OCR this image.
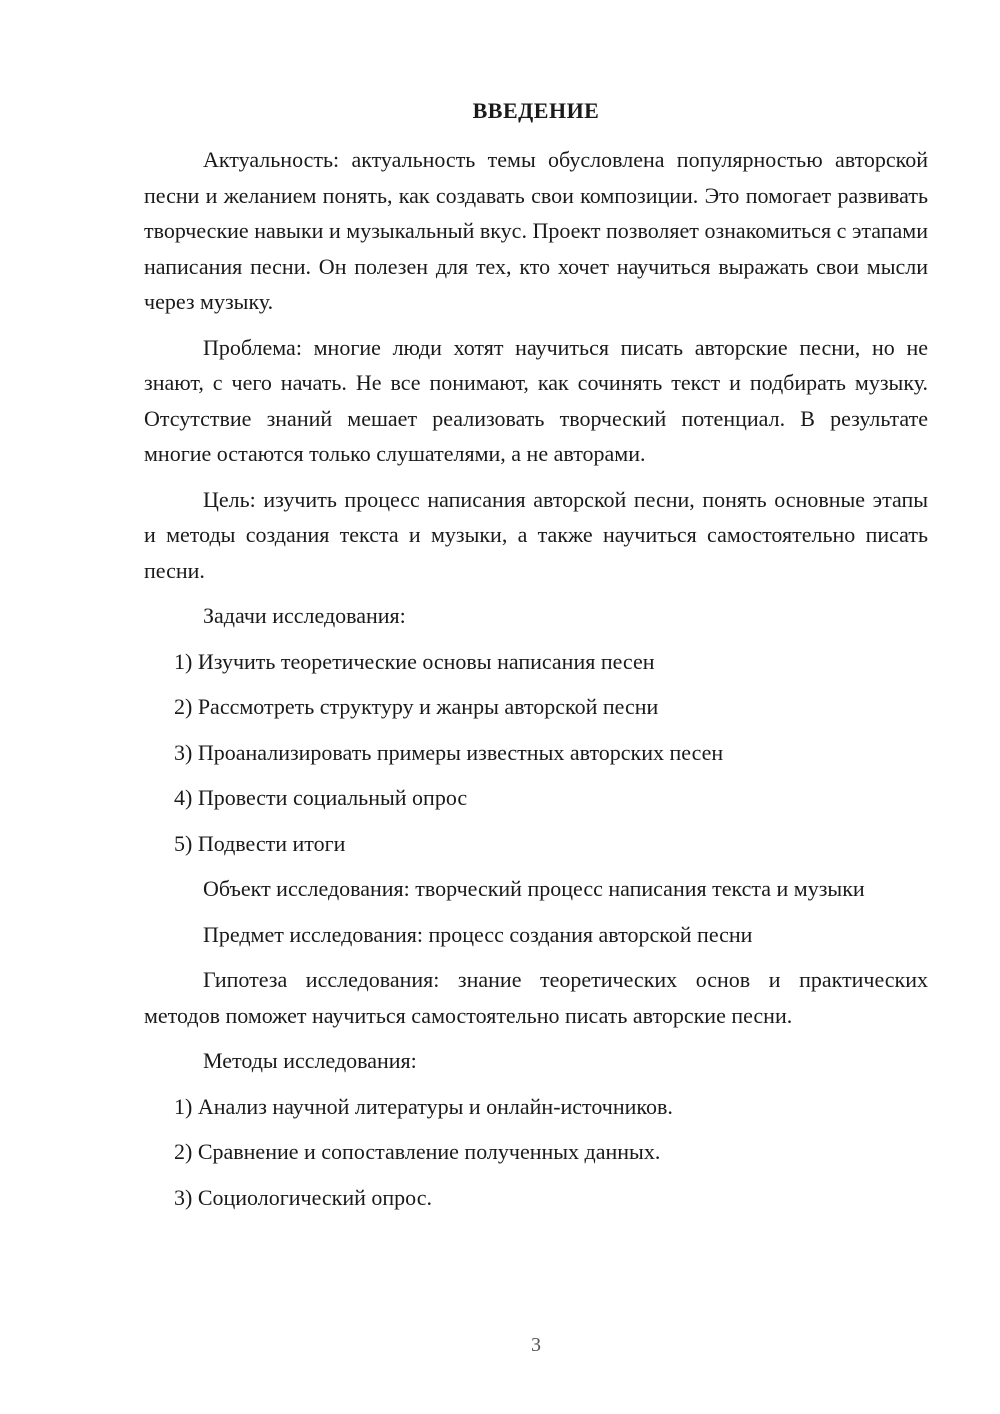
ВВЕДЕНИЕ

Актуальность: актуальность темы обусловлена популярностью авторской песни и желанием понять, как создавать свои композиции. Это помогает развивать творческие навыки и музыкальный вкус. Проект позволяет ознакомиться с этапами написания песни. Он полезен для тех, кто хочет научиться выражать свои мысли через музыку.

Проблема: многие люди хотят научиться писать авторские песни, но не знают, с чего начать. Не все понимают, как сочинять текст и подбирать музыку. Отсутствие знаний мешает реализовать творческий потенциал. В результате многие остаются только слушателями, а не авторами.

Цель: изучить процесс написания авторской песни, понять основные этапы и методы создания текста и музыки, а также научиться самостоятельно писать песни.

Задачи исследования:
1) Изучить теоретические основы написания песен
2) Рассмотреть структуру и жанры авторской песни
3) Проанализировать примеры известных авторских песен
4) Провести социальный опрос
5) Подвести итоги

Объект исследования: творческий процесс написания текста и музыки

Предмет исследования: процесс создания авторской песни

Гипотеза исследования: знание теоретических основ и практических методов поможет научиться самостоятельно писать авторские песни.

Методы исследования:
1) Анализ научной литературы и онлайн-источников.
2) Сравнение и сопоставление полученных данных.
3) Социологический опрос.
3
